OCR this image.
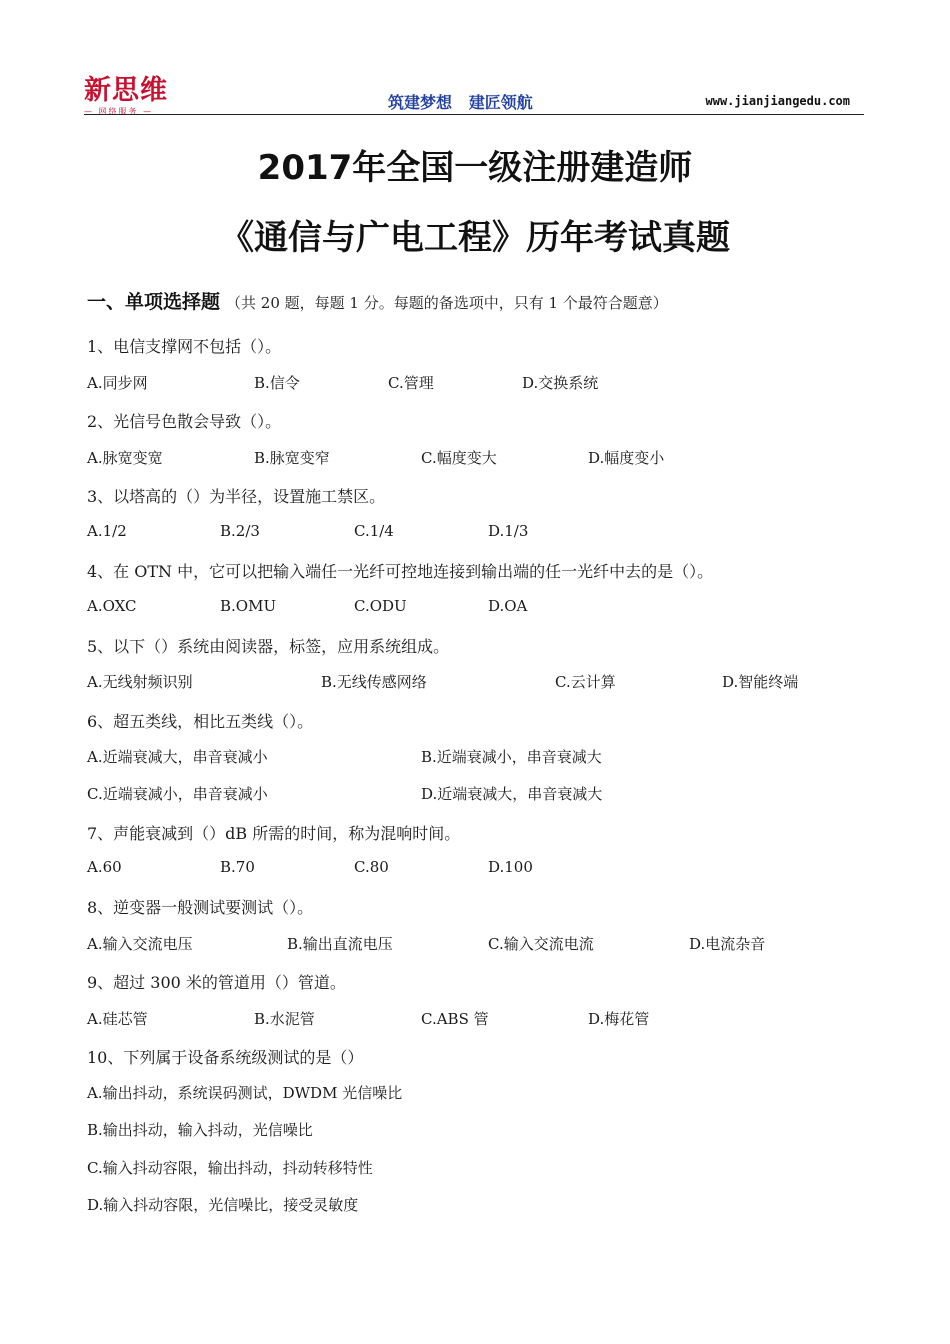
新思维
— 网络服务 —	筑建梦想   建匠领航	www.jianjiangedu.com
2017年全国一级注册建造师
《通信与广电工程》历年考试真题
一、单项选择题 （共 20 题，每题 1 分。每题的备选项中，只有 1 个最符合题意）
1、电信支撑网不包括（）。
A.同步网	B.信令	C.管理	D.交换系统
2、光信号色散会导致（）。
A.脉宽变宽	B.脉宽变窄	C.幅度变大	D.幅度变小
3、以塔高的（）为半径，设置施工禁区。
A.1/2	B.2/3	C.1/4	D.1/3
4、在 OTN 中，它可以把输入端任一光纤可控地连接到输出端的任一光纤中去的是（）。
A.OXC	B.OMU	C.ODU	D.OA
5、以下（）系统由阅读器，标签，应用系统组成。
A.无线射频识别	B.无线传感网络	C.云计算	D.智能终端
6、超五类线，相比五类线（）。
A.近端衰减大，串音衰减小	B.近端衰减小，串音衰减大
C.近端衰减小，串音衰减小	D.近端衰减大，串音衰减大
7、声能衰减到（）dB 所需的时间，称为混响时间。
A.60	B.70	C.80	D.100
8、逆变器一般测试要测试（）。
A.输入交流电压	B.输出直流电压	C.输入交流电流	D.电流杂音
9、超过 300 米的管道用（）管道。
A.硅芯管	B.水泥管	C.ABS 管	D.梅花管
10、下列属于设备系统级测试的是（）
A.输出抖动，系统误码测试，DWDM 光信噪比
B.输出抖动，输入抖动，光信噪比
C.输入抖动容限，输出抖动，抖动转移特性
D.输入抖动容限，光信噪比，接受灵敏度
